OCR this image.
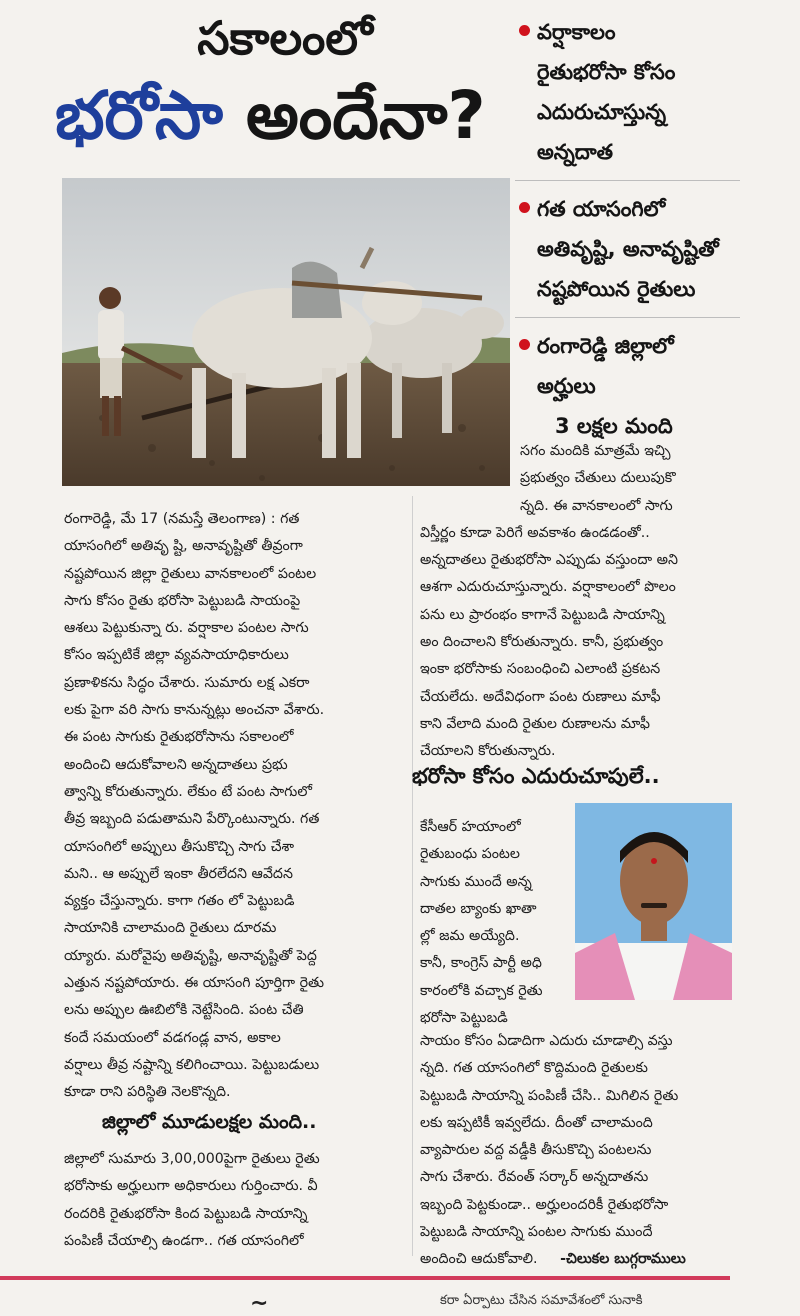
సకాలంలో
భరోసా అందేనా?
వర్షాకాలం
రైతుభరోసా కోసం
ఎదురుచూస్తున్న
అన్నదాత
గత యాసంగిలో
అతివృష్టి, అనావృష్టితో
నష్టపోయిన రైతులు
రంగారెడ్డి జిల్లాలో
అర్హులు
3 లక్షల మంది
రంగారెడ్డి, మే 17 (నమస్తే తెలంగాణ) : గత
యాసంగిలో అతివృ ష్టి, అనావృష్టితో తీవ్రంగా
నష్టపోయిన జిల్లా రైతులు వానకాలంలో పంటల
సాగు కోసం రైతు భరోసా పెట్టుబడి సాయంపై
ఆశలు పెట్టుకున్నా రు. వర్షాకాల పంటల సాగు
కోసం ఇప్పటికే జిల్లా వ్యవసాయాధికారులు
ప్రణాళికను సిద్ధం చేశారు. సుమారు లక్ష ఎకరా
లకు పైగా వరి సాగు కానున్నట్లు అంచనా వేశారు.
ఈ పంట సాగుకు రైతుభరోసాను సకాలంలో
అందించి ఆదుకోవాలని అన్నదాతలు ప్రభు
త్వాన్ని కోరుతున్నారు. లేకుం టే పంట సాగులో
తీవ్ర ఇబ్బంది పడుతామని పేర్కొంటున్నారు. గత
యాసంగిలో అప్పులు తీసుకొచ్చి సాగు చేశా
మని.. ఆ అప్పులే ఇంకా తీరలేదని ఆవేదన
వ్యక్తం చేస్తున్నారు. కాగా గతం లో పెట్టుబడి
సాయానికి చాలామంది రైతులు దూరమ
య్యారు. మరోవైపు అతివృష్టి, అనావృష్టితో పెద్ద
ఎత్తున నష్టపోయారు. ఈ యాసంగి పూర్తిగా రైతు
లను అప్పుల ఊబిలోకి నెట్టేసింది. పంట చేతి
కందే సమయంలో వడగండ్ల వాన, అకాల
వర్షాలు తీవ్ర నష్టాన్ని కలిగించాయి. పెట్టుబడులు
కూడా రాని పరిస్థితి నెలకొన్నది.
జిల్లాలో మూడులక్షల మంది..
జిల్లాలో సుమారు 3,00,000పైగా రైతులు రైతు
భరోసాకు అర్హులుగా అధికారులు గుర్తించారు. వీ
రందరికి రైతుభరోసా కింద పెట్టుబడి సాయాన్ని
పంపిణీ చేయాల్సి ఉండగా.. గత యాసంగిలో
సగం మందికి మాత్రమే ఇచ్చి
ప్రభుత్వం చేతులు దులుపుకొ
న్నది. ఈ వానకాలంలో సాగు
విస్తీర్ణం కూడా పెరిగే అవకాశం ఉండడంతో..
అన్నదాతలు రైతుభరోసా ఎప్పుడు వస్తుందా అని
ఆశగా ఎదురుచూస్తున్నారు. వర్షాకాలంలో పొలం
పను లు ప్రారంభం కాగానే పెట్టుబడి సాయాన్ని
అం దించాలని కోరుతున్నారు. కానీ, ప్రభుత్వం
ఇంకా భరోసాకు సంబంధించి ఎలాంటి ప్రకటన
చేయలేదు. అదేవిధంగా పంట రుణాలు మాఫీ
కాని వేలాది మంది రైతుల రుణాలను మాఫీ
చేయాలని కోరుతున్నారు.
భరోసా కోసం ఎదురుచూపులే..
కేసీఆర్ హయాంలో
రైతుబంధు పంటల
సాగుకు ముందే అన్న
దాతల బ్యాంకు ఖాతా
ల్లో జమ అయ్యేది.
కానీ, కాంగ్రెస్ పార్టీ అధి
కారంలోకి వచ్చాక రైతు
భరోసా పెట్టుబడి
సాయం కోసం ఏడాదిగా ఎదురు చూడాల్సి వస్తు
న్నది. గత యాసంగిలో కొద్దిమంది రైతులకు
పెట్టుబడి సాయాన్ని పంపిణీ చేసి.. మిగిలిన రైతు
లకు ఇప్పటికీ ఇవ్వలేదు. దీంతో చాలామంది
వ్యాపారుల వద్ద వడ్డీకి తీసుకొచ్చి పంటలను
సాగు చేశారు. రేవంత్ సర్కార్ అన్నదాతను
ఇబ్బంది పెట్టకుండా.. అర్హులందరికీ రైతుభరోసా
పెట్టుబడి సాయాన్ని పంటల సాగుకు ముందే
అందించి ఆదుకోవాలి. -చిలుకల బుగ్గరాములు
~	కరా ఏర్పాటు చేసిన సమావేశంలో సునాకి
